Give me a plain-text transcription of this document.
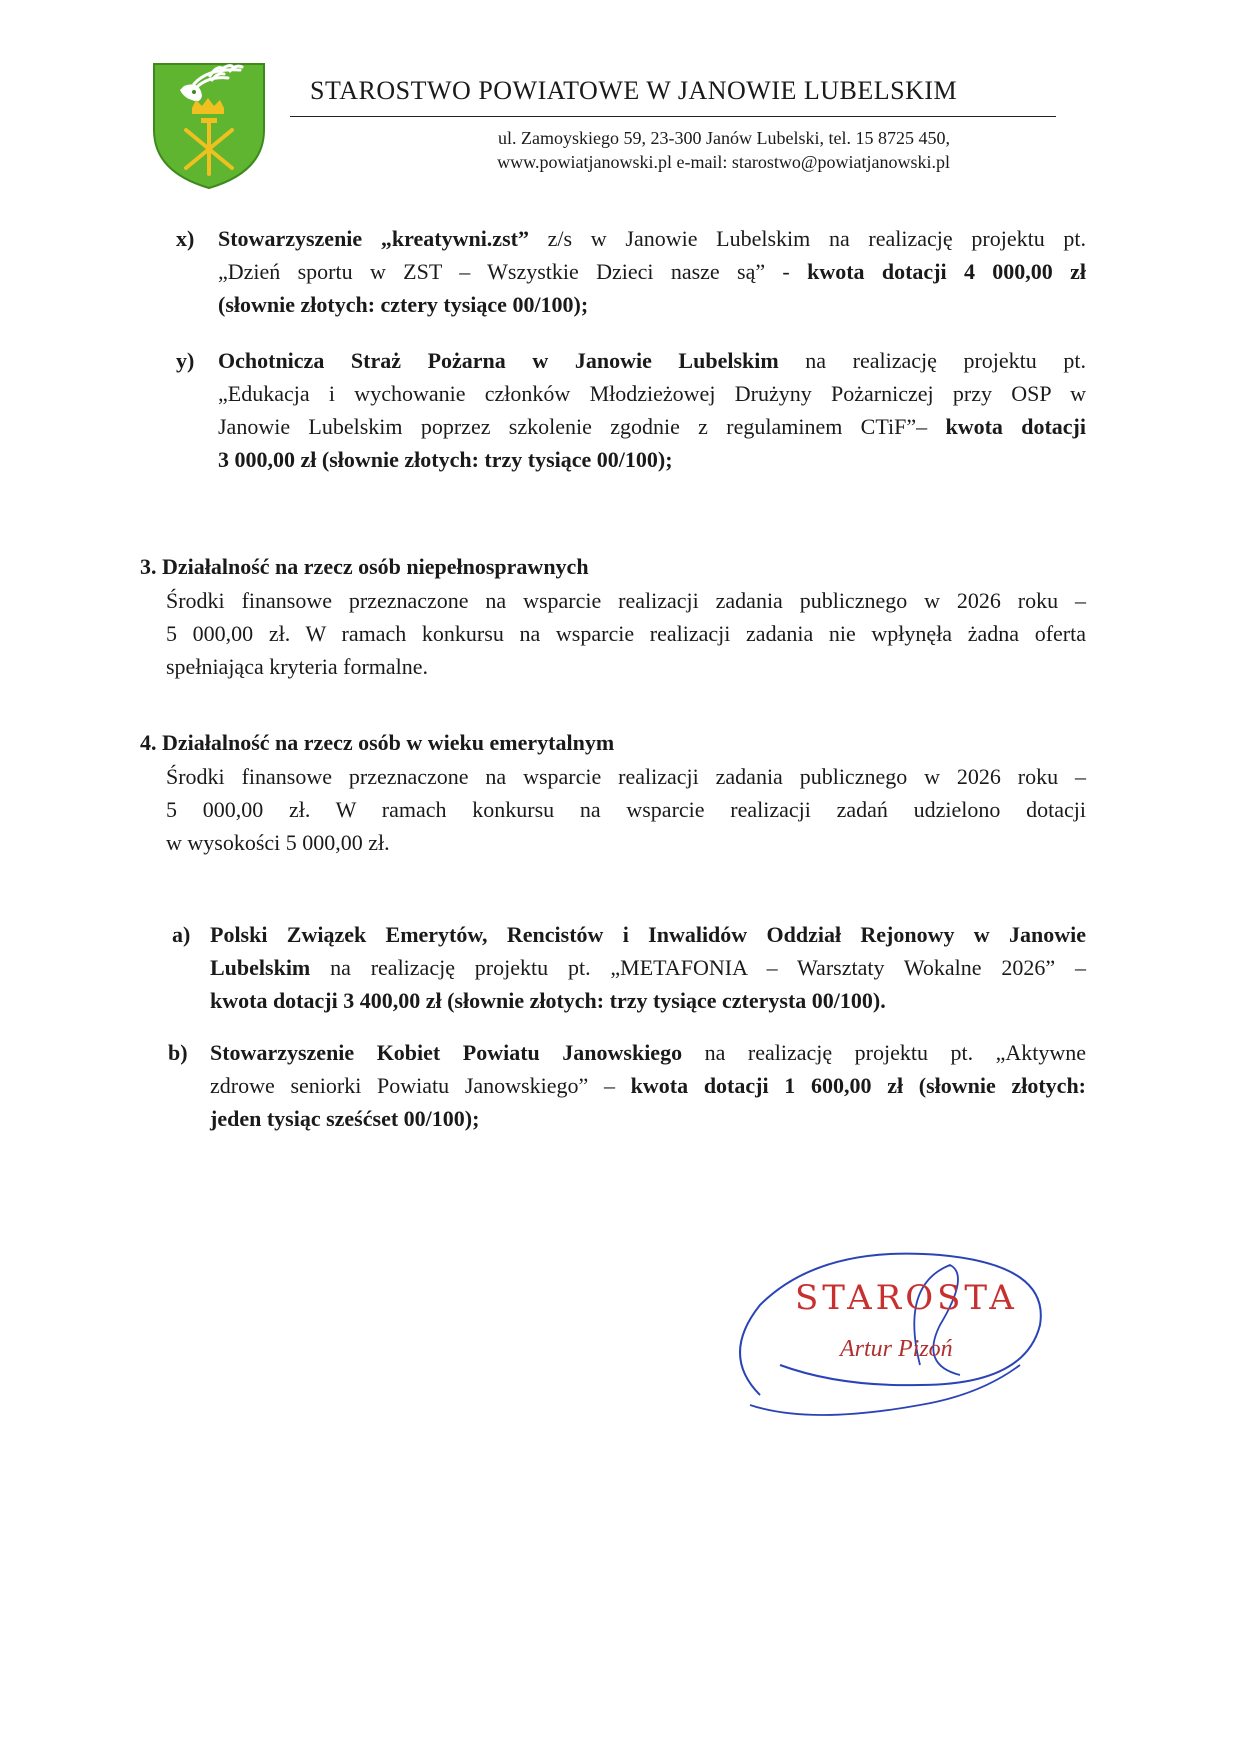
STAROSTWO POWIATOWE W JANOWIE LUBELSKIM
ul. Zamoyskiego 59, 23-300 Janów Lubelski, tel. 15 8725 450,
www.powiatjanowski.pl e-mail: starostwo@powiatjanowski.pl
x) Stowarzyszenie „kreatywni.zst” z/s w Janowie Lubelskim na realizację projektu pt.
„Dzień sportu w ZST – Wszystkie Dzieci nasze są” - kwota dotacji 4 000,00 zł
(słownie złotych: cztery tysiące 00/100);
y) Ochotnicza Straż Pożarna w Janowie Lubelskim na realizację projektu pt.
„Edukacja i wychowanie członków Młodzieżowej Drużyny Pożarniczej przy OSP w
Janowie Lubelskim poprzez szkolenie zgodnie z regulaminem CTiF”– kwota dotacji
3 000,00 zł (słownie złotych: trzy tysiące 00/100);
3. Działalność na rzecz osób niepełnosprawnych
Środki finansowe przeznaczone na wsparcie realizacji zadania publicznego w 2026 roku –
5 000,00 zł. W ramach konkursu na wsparcie realizacji zadania nie wpłynęła żadna oferta
spełniająca kryteria formalne.
4. Działalność na rzecz osób w wieku emerytalnym
Środki finansowe przeznaczone na wsparcie realizacji zadania publicznego w 2026 roku –
5 000,00 zł. W ramach konkursu na wsparcie realizacji zadań udzielono dotacji
w wysokości 5 000,00 zł.
a) Polski Związek Emerytów, Rencistów i Inwalidów Oddział Rejonowy w Janowie
Lubelskim na realizację projektu pt. „METAFONIA – Warsztaty Wokalne 2026” –
kwota dotacji 3 400,00 zł (słownie złotych: trzy tysiące czterysta 00/100).
b) Stowarzyszenie Kobiet Powiatu Janowskiego na realizację projektu pt. „Aktywne
zdrowe seniorki Powiatu Janowskiego” – kwota dotacji 1 600,00 zł (słownie złotych:
jeden tysiąc sześćset 00/100);
STAROSTA
Artur Pizoń
